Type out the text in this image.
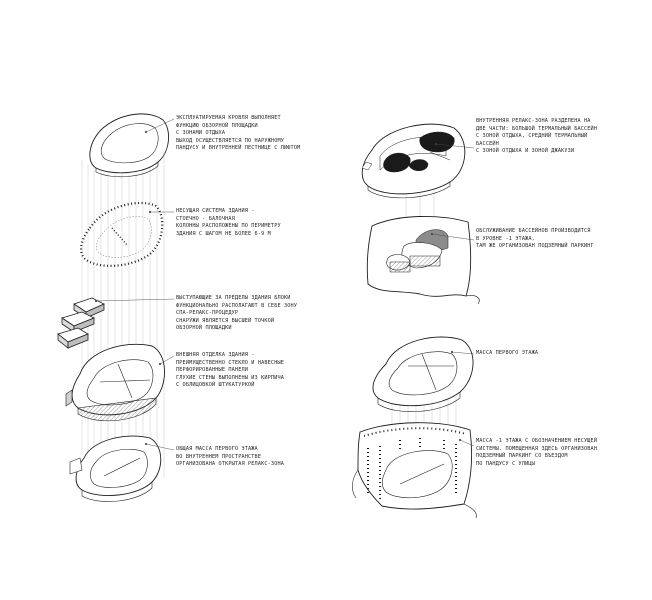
ЭКСПЛУАТИРУЕМАЯ КРОВЛЯ ВЫПОЛНЯЕТ
ФУНКЦИЮ ОБЗОРНОЙ ПЛОЩАДКИ
С ЗОНАМИ ОТДЫХА
ВЫХОД ОСУЩЕСТВЛЯЕТСЯ ПО НАРУЖНОМУ
ПАНДУСУ И ВНУТРЕННЕЙ ЛЕСТНИЦЕ С ЛИФТОМ
НЕСУЩАЯ СИСТЕМА ЗДАНИЯ -
СТОЕЧНО - БАЛОЧНАЯ
КОЛОННЫ РАСПОЛОЖЕНЫ ПО ПЕРИМЕТРУ
ЗДАНИЯ С ШАГОМ НЕ БОЛЕЕ 6-9 М
ВЫСТУПАЮЩИЕ ЗА ПРЕДЕЛЫ ЗДАНИЯ БЛОКИ
ФУНКЦИОНАЛЬНО РАСПОЛАГАЮТ В СЕБЕ ЗОНУ
СПА-РЕЛАКС-ПРОЦЕДУР
СНАРУЖИ ЯВЛЯЕТСЯ ВЫСШЕЙ ТОЧКОЙ
ОБЗОРНОЙ ПЛОЩАДКИ
ВНЕШНЯЯ ОТДЕЛКА ЗДАНИЯ -
ПРЕИМУЩЕСТВЕННО СТЕКЛО И НАВЕСНЫЕ
ПЕРФОРИРОВАННЫЕ ПАНЕЛИ
ГЛУХИЕ СТЕНЫ ВЫПОЛНЕНЫ ИЗ КИРПИЧА
С ОБЛИЦОВКОЙ ШТУКАТУРКОЙ
ОБЩАЯ МАССА ПЕРВОГО ЭТАЖА
ВО ВНУТРЕННЕМ ПРОСТРАНСТВЕ
ОРГАНИЗОВАНА ОТКРЫТАЯ РЕЛАКС-ЗОНА
ВНУТРЕННЯЯ РЕЛАКС-ЗОНА РАЗДЕЛЕНА НА
ДВЕ ЧАСТИ: БОЛЬШОЙ ТЕРМАЛЬНЫЙ БАССЕЙН
С ЗОНОЙ ОТДЫХА, СРЕДНИЙ ТЕРМАЛЬНЫЙ
БАССЕЙН
С ЗОНОЙ ОТДЫХА И ЗОНОЙ ДЖАКУЗИ
ОБСЛУЖИВАНИЕ БАССЕЙНОВ ПРОИЗВОДИТСЯ
В УРОВНЕ -1 ЭТАЖА,
ТАМ ЖЕ ОРГАНИЗОВАН ПОДЗЕМНЫЙ ПАРКИНГ
МАССА ПЕРВОГО ЭТАЖА
МАССА -1 ЭТАЖА С ОБОЗНАЧЕНИЕМ НЕСУЩЕЙ
СИСТЕМЫ. ПОМЕЩЕННАЯ ЗДЕСЬ ОРГАНИЗОВАН
ПОДЗЕМНЫЙ ПАРКИНГ СО ВЪЕЗДОМ
ПО ПАНДУСУ С УЛИЦЫ
